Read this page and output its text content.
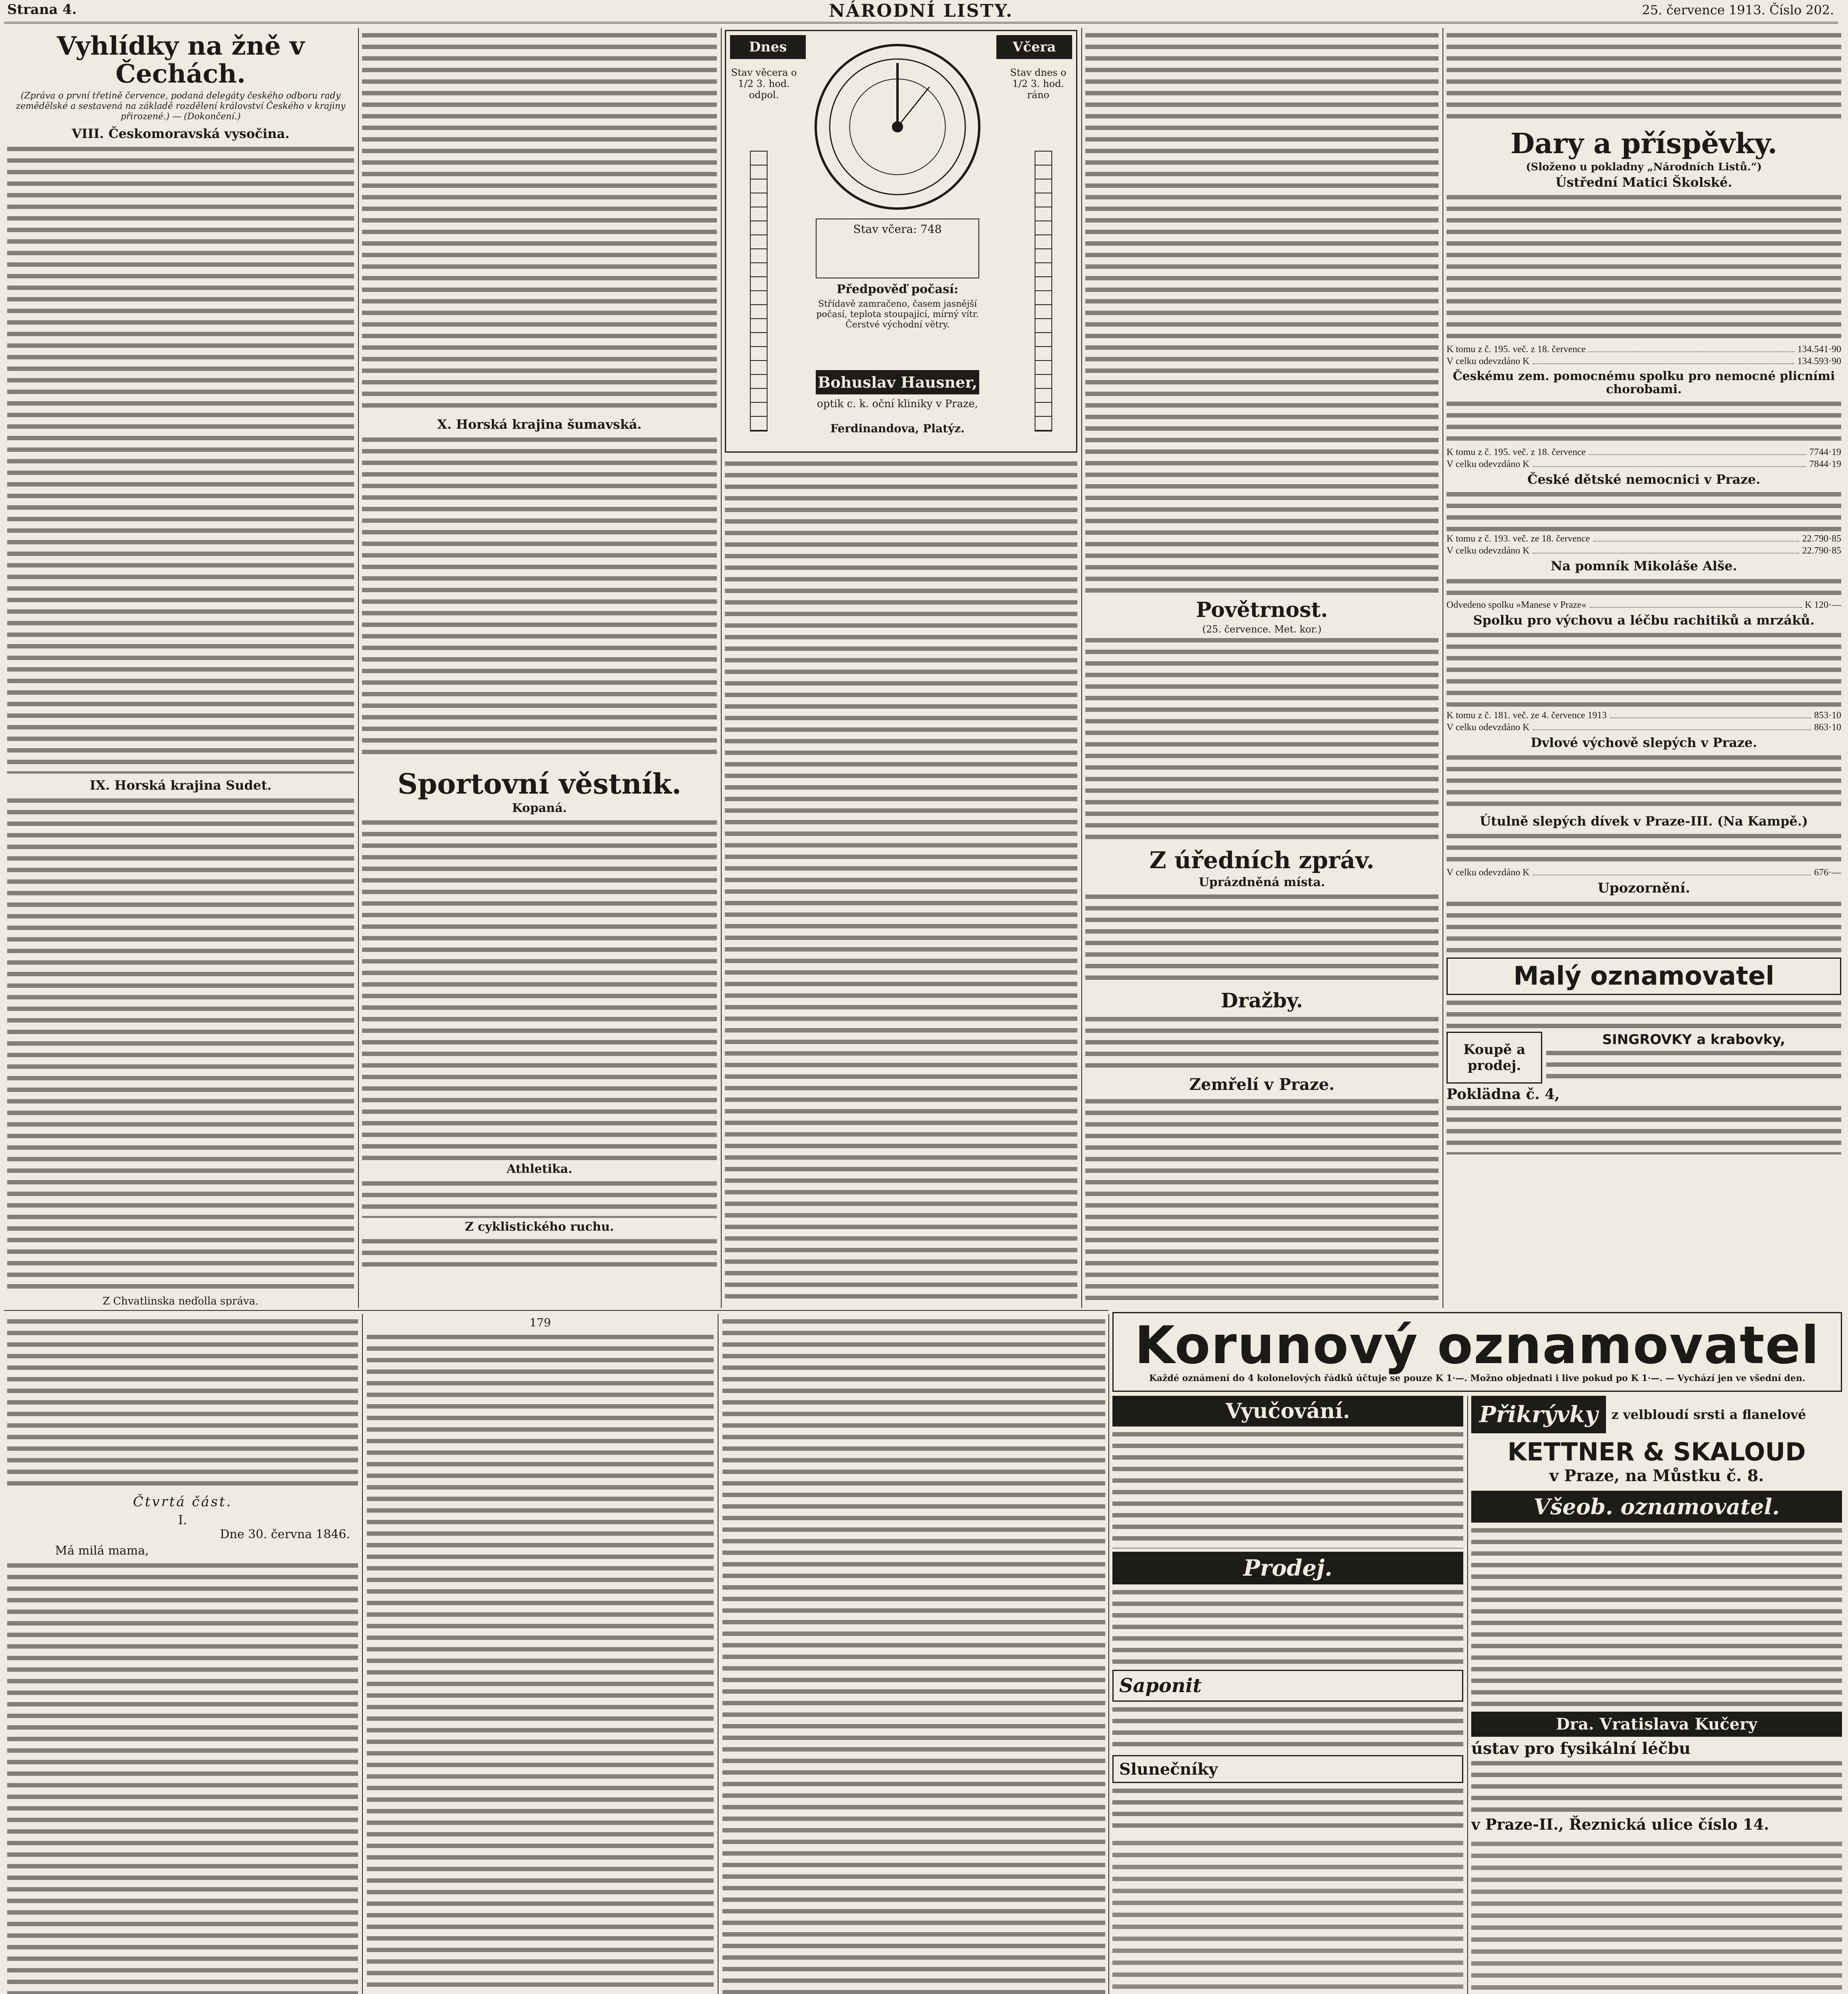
Strana 4.	NÁRODNÍ LISTY.	25. července 1913. Číslo 202.
Vyhlídky na žně v Čechách.
(Zpráva o první třetině července, podaná delegáty českého odboru rady zemědělské a sestavená na základě rozdělení království Českého v krajiny přirozené.) — (Dokončení.)
VIII. Českomoravská vysočina.
IX. Horská krajina Sudet.
Z Chvatlinska neďolla správa.
X. Horská krajina šumavská.
Sportovní věstník.
Kopaná.
Athletika.
Z cyklistického ruchu.
Dnes	Včera
Stav věcera o 1/2 3. hod. odpol.
Stav dnes o 1/2 3. hod. ráno
Stav včera: 748
Předpověď počasí:
Střídavě zamračeno, časem jasnější počasí, teplota stoupající, mírný vítr. Čerstvé východní větry.
Bohuslav Hausner,
optik c. k. oční kliniky v Praze,
Ferdinandova, Platýz.
Povětrnost.
(25. července. Met. kor.)
Z úředních zpráv.
Uprázdněná místa.
Dražby.
Zemřelí v Praze.
Dary a příspěvky.
(Složeno u pokladny „Národních Listů.“)
Ústřední Matici Školské.
K tomu z č. 195. več. z 18. července	134.541·90
V celku odevzdáno K	134.593·90
Českému zem. pomocnému spolku pro nemocné plicními chorobami.
K tomu z č. 195. več. z 18. července	7744·19
V celku odevzdáno K	7844·19
České dětské nemocnici v Praze.
K tomu z č. 193. več. ze 18. července	22.790·85
V celku odevzdáno K	22.790·85
Na pomník Mikoláše Alše.
Odvedeno spolku »Manese v Praze«	K 120·—
Spolku pro výchovu a léčbu rachitiků a mrzáků.
K tomu z č. 181. več. ze 4. července 1913	853·10
V celku odevzdáno K	863·10
Dvlové výchově slepých v Praze.
Útulně slepých dívek v Praze-III. (Na Kampě.)
V celku odevzdáno K	676·—
Upozornění.
Malý oznamovatel
Koupě a prodej.
SINGROVKY a krabovky,
Poklädna č. 4,
Korunový oznamovatel
Každé oznámení do 4 kolonelových řádků účtuje se pouze K 1·—. Možno objednati i live pokud po K 1·—. — Vychází jen ve všední den.
Čtvrtá část.
I.
Dne 30. června 1846.
Má milá mama,
179
Vyučování.
Prodej.
Saponit
Slunečníky
Přikrývky	z velbloudí srsti a flanelové
KETTNER & SKALOUD
v Praze, na Můstku č. 8.
Všeob. oznamovatel.
Dra. Vratislava Kučery
ústav pro fysikální léčbu
v Praze-II., Řeznická ulice číslo 14.
